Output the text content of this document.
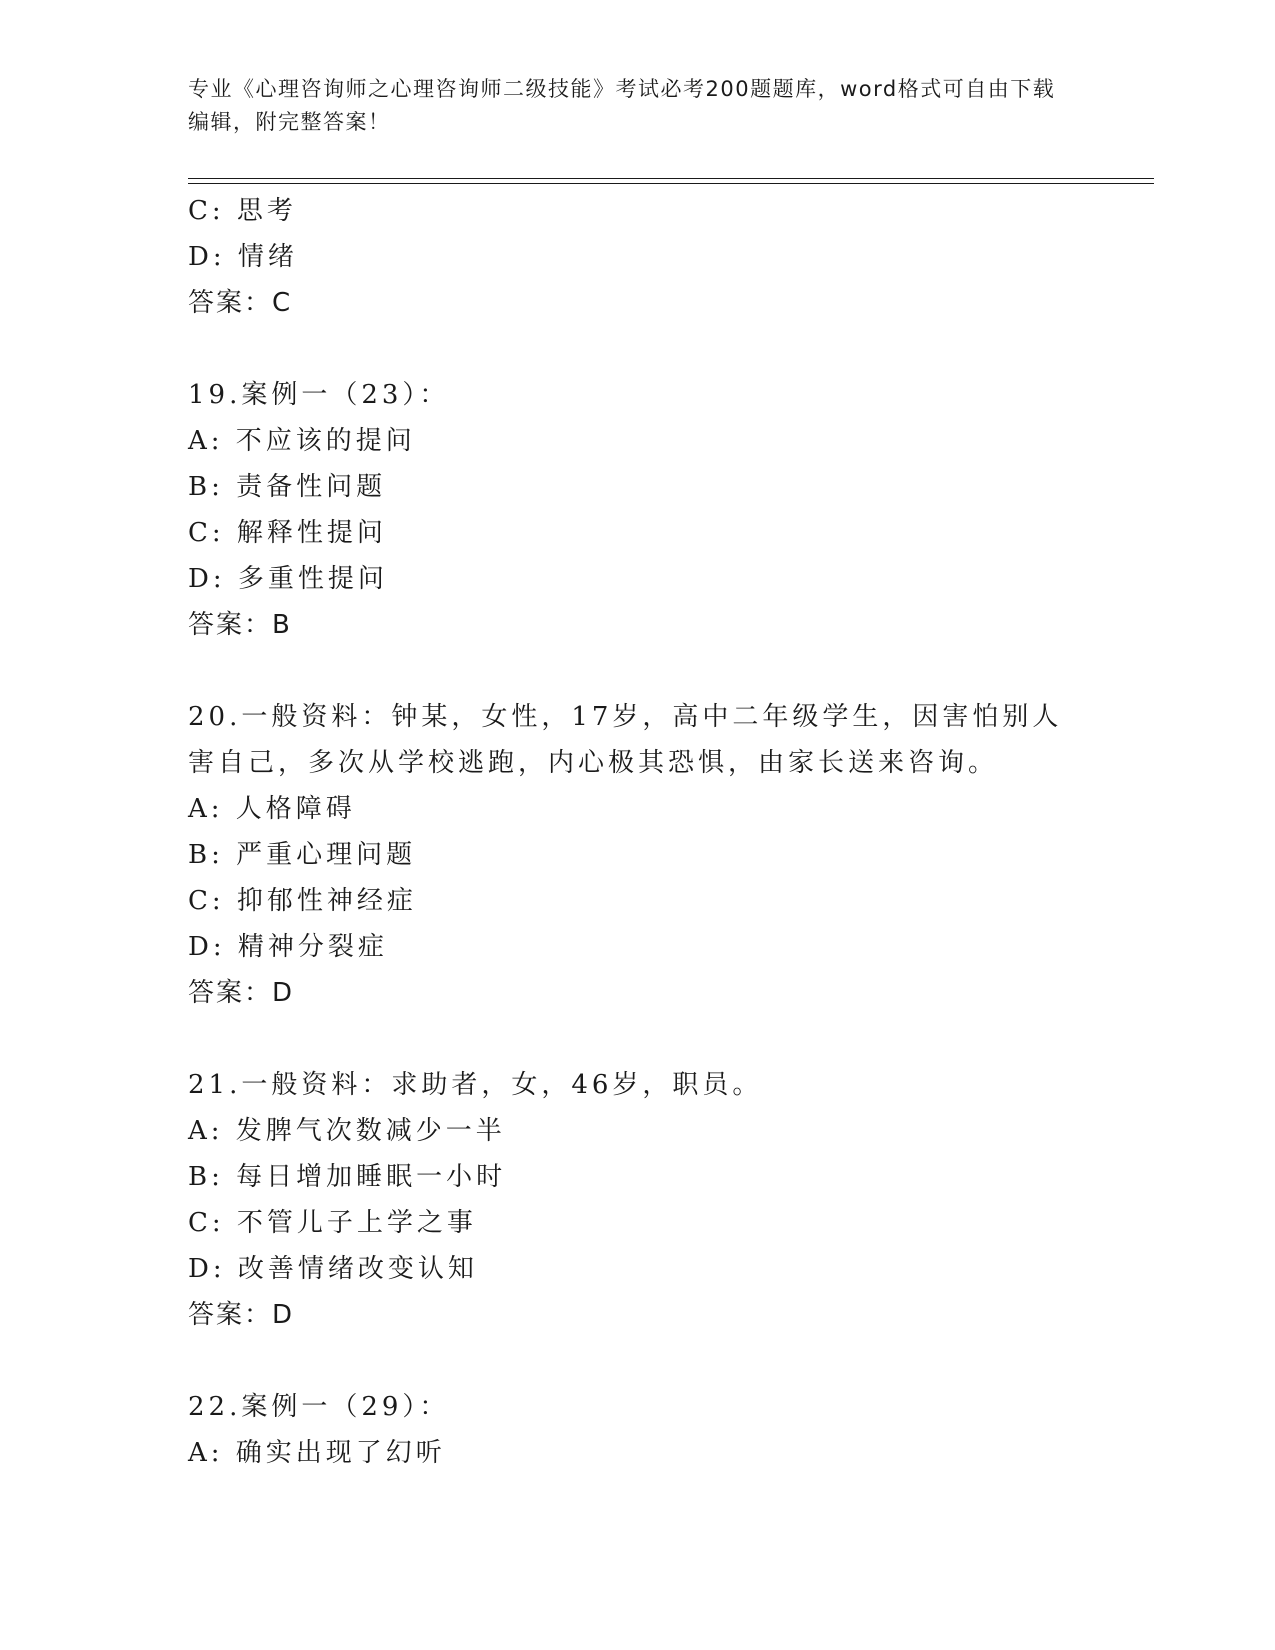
专业《心理咨询师之心理咨询师二级技能》考试必考200题题库，word格式可自由下载编辑，附完整答案！
C: 思考
D: 情绪
答案：C
19.案例一（23）：
A: 不应该的提问
B: 责备性问题
C: 解释性提问
D: 多重性提问
答案：B
20.一般资料：钟某，女性，17岁，高中二年级学生，因害怕别人害自己，多次从学校逃跑，内心极其恐惧，由家长送来咨询。
A: 人格障碍
B: 严重心理问题
C: 抑郁性神经症
D: 精神分裂症
答案：D
21.一般资料：求助者，女，46岁，职员。
A: 发脾气次数减少一半
B: 每日增加睡眠一小时
C: 不管儿子上学之事
D: 改善情绪改变认知
答案：D
22.案例一（29）：
A: 确实出现了幻听
